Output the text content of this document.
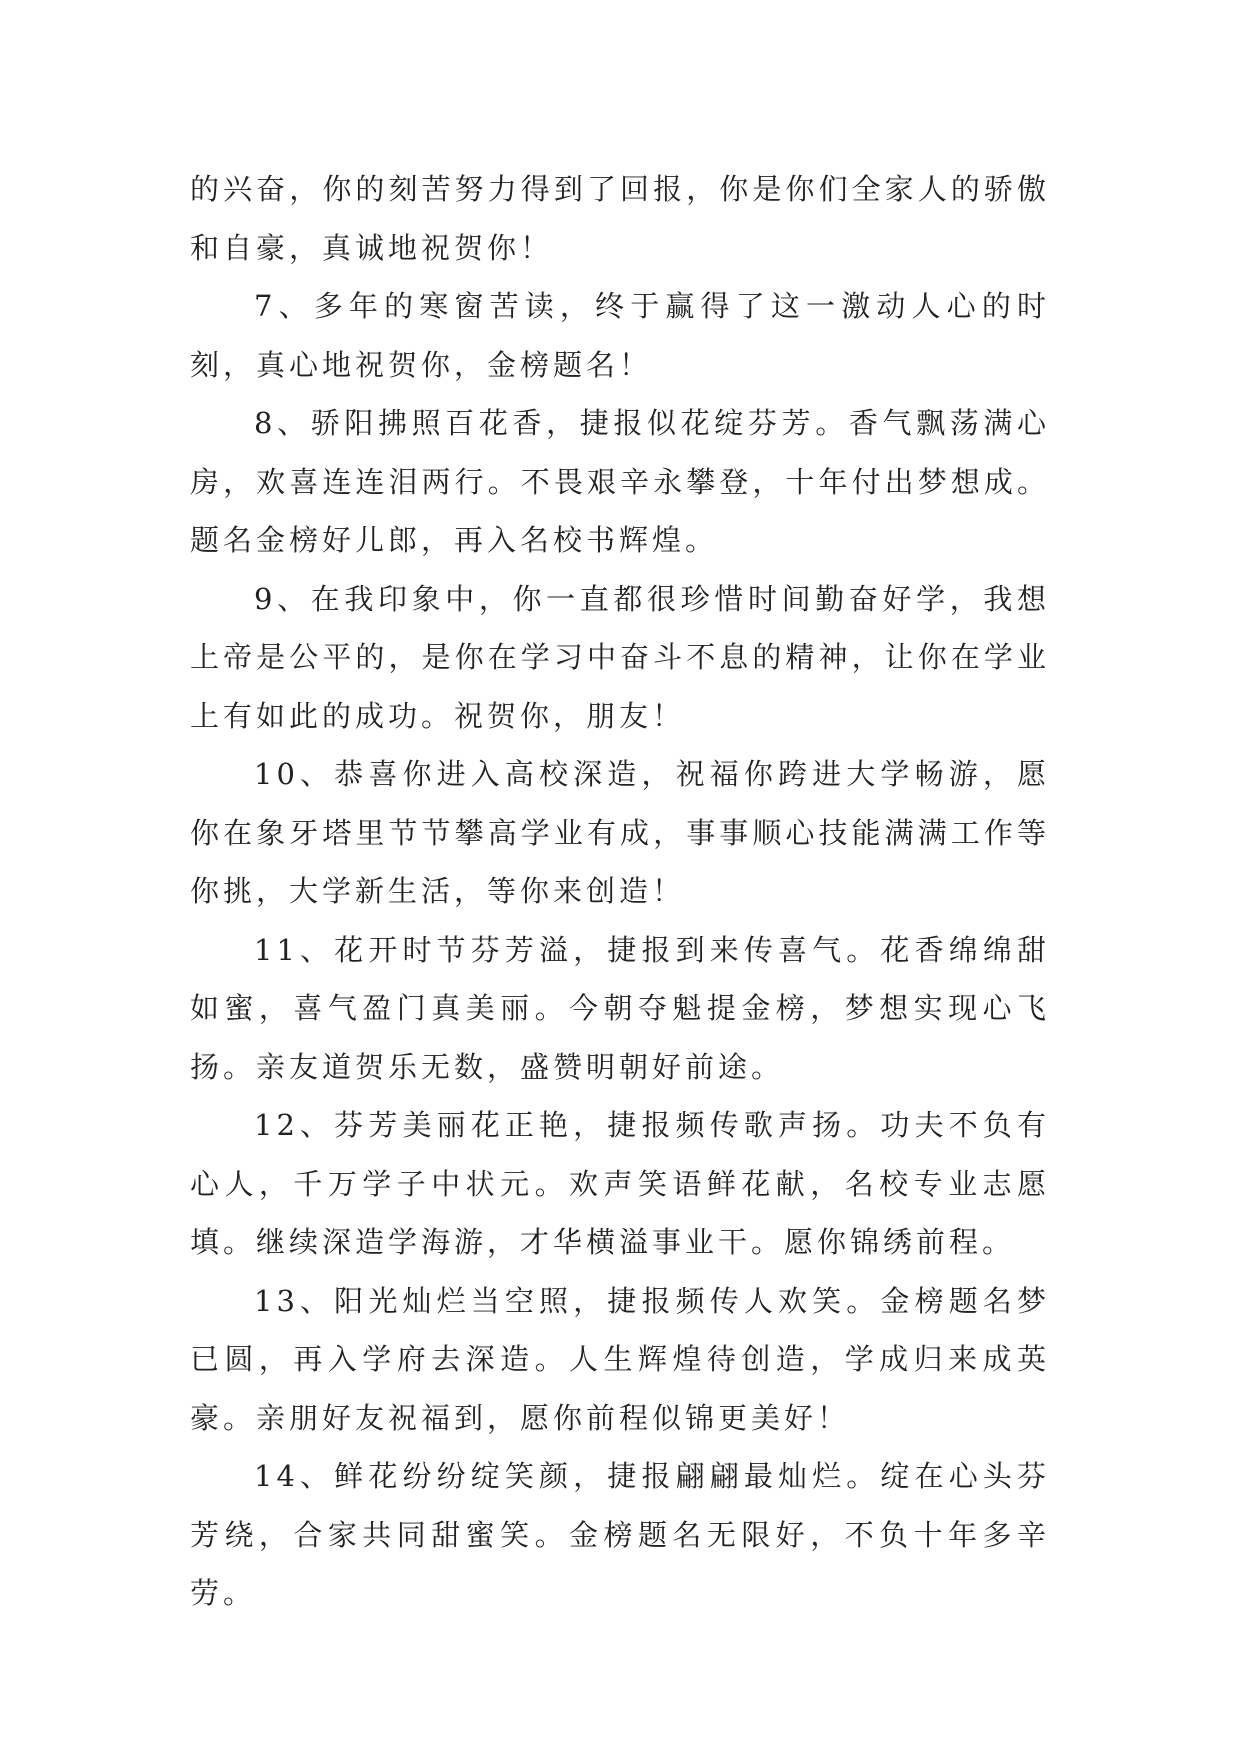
的兴奋，你的刻苦努力得到了回报，你是你们全家人的骄傲和自豪，真诚地祝贺你！

7、多年的寒窗苦读，终于赢得了这一激动人心的时刻，真心地祝贺你，金榜题名！

8、骄阳拂照百花香，捷报似花绽芬芳。香气飘荡满心房，欢喜连连泪两行。不畏艰辛永攀登，十年付出梦想成。题名金榜好儿郎，再入名校书辉煌。

9、在我印象中，你一直都很珍惜时间勤奋好学，我想上帝是公平的，是你在学习中奋斗不息的精神，让你在学业上有如此的成功。祝贺你，朋友！

10、恭喜你进入高校深造，祝福你跨进大学畅游，愿你在象牙塔里节节攀高学业有成，事事顺心技能满满工作等你挑，大学新生活，等你来创造！

11、花开时节芬芳溢，捷报到来传喜气。花香绵绵甜如蜜，喜气盈门真美丽。今朝夺魁提金榜，梦想实现心飞扬。亲友道贺乐无数，盛赞明朝好前途。

12、芬芳美丽花正艳，捷报频传歌声扬。功夫不负有心人，千万学子中状元。欢声笑语鲜花献，名校专业志愿填。继续深造学海游，才华横溢事业干。愿你锦绣前程。

13、阳光灿烂当空照，捷报频传人欢笑。金榜题名梦已圆，再入学府去深造。人生辉煌待创造，学成归来成英豪。亲朋好友祝福到，愿你前程似锦更美好！

14、鲜花纷纷绽笑颜，捷报翩翩最灿烂。绽在心头芬芳绕，合家共同甜蜜笑。金榜题名无限好，不负十年多辛劳。
